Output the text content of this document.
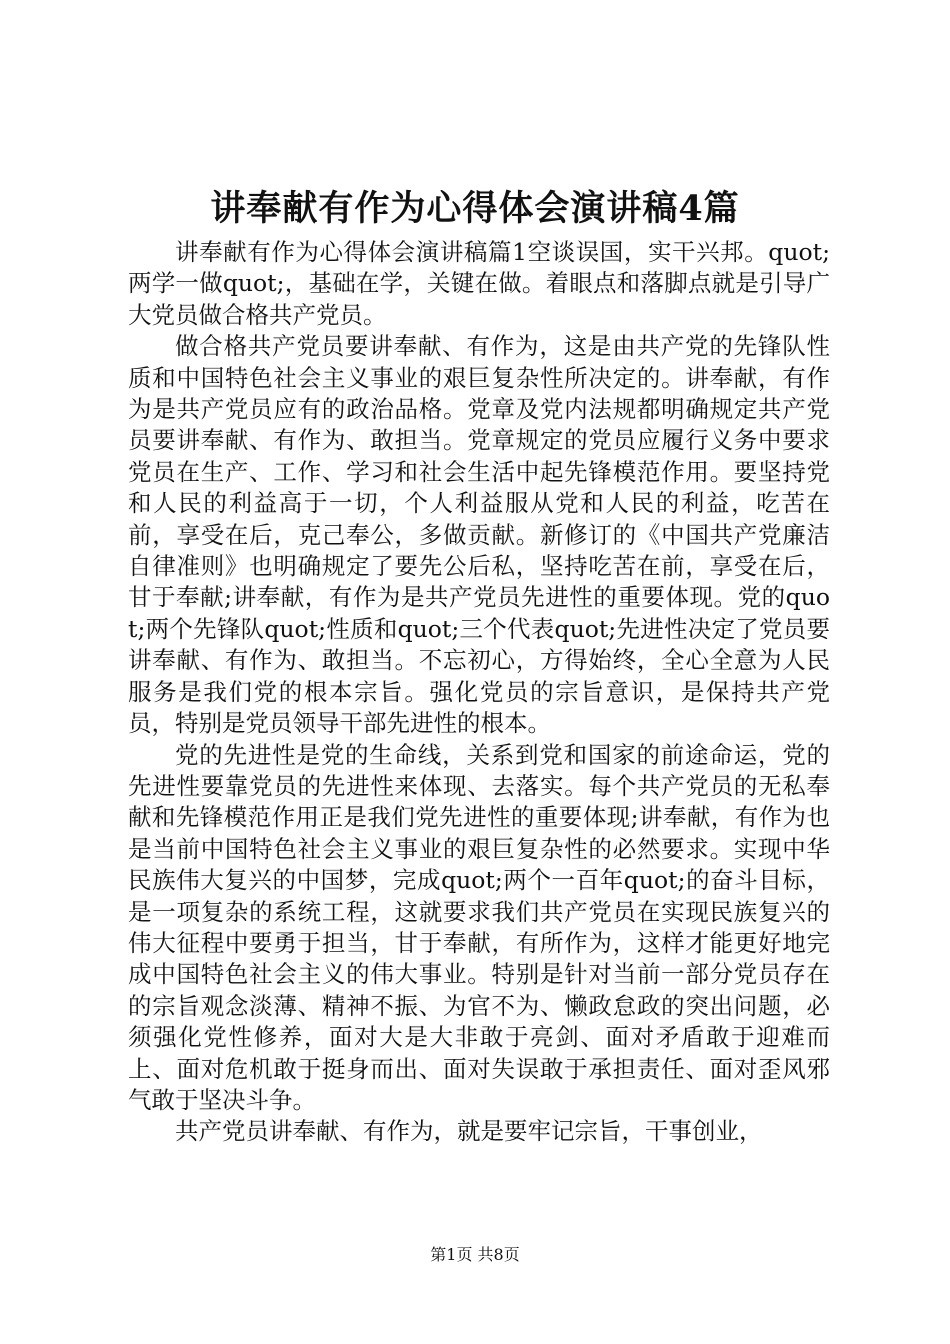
讲奉献有作为心得体会演讲稿4篇

讲奉献有作为心得体会演讲稿篇1空谈误国，实干兴邦。quot;两学一做quot;，基础在学，关键在做。着眼点和落脚点就是引导广大党员做合格共产党员。

做合格共产党员要讲奉献、有作为，这是由共产党的先锋队性质和中国特色社会主义事业的艰巨复杂性所决定的。讲奉献，有作为是共产党员应有的政治品格。党章及党内法规都明确规定共产党员要讲奉献、有作为、敢担当。党章规定的党员应履行义务中要求党员在生产、工作、学习和社会生活中起先锋模范作用。要坚持党和人民的利益高于一切，个人利益服从党和人民的利益，吃苦在前，享受在后，克己奉公，多做贡献。新修订的《中国共产党廉洁自律准则》也明确规定了要先公后私，坚持吃苦在前，享受在后，甘于奉献;讲奉献，有作为是共产党员先进性的重要体现。党的quot;两个先锋队quot;性质和quot;三个代表quot;先进性决定了党员要讲奉献、有作为、敢担当。不忘初心，方得始终，全心全意为人民服务是我们党的根本宗旨。强化党员的宗旨意识，是保持共产党员，特别是党员领导干部先进性的根本。

党的先进性是党的生命线，关系到党和国家的前途命运，党的先进性要靠党员的先进性来体现、去落实。每个共产党员的无私奉献和先锋模范作用正是我们党先进性的重要体现;讲奉献，有作为也是当前中国特色社会主义事业的艰巨复杂性的必然要求。实现中华民族伟大复兴的中国梦，完成quot;两个一百年quot;的奋斗目标，是一项复杂的系统工程，这就要求我们共产党员在实现民族复兴的伟大征程中要勇于担当，甘于奉献，有所作为，这样才能更好地完成中国特色社会主义的伟大事业。特别是针对当前一部分党员存在的宗旨观念淡薄、精神不振、为官不为、懒政怠政的突出问题，必须强化党性修养，面对大是大非敢于亮剑、面对矛盾敢于迎难而上、面对危机敢于挺身而出、面对失误敢于承担责任、面对歪风邪气敢于坚决斗争。

共产党员讲奉献、有作为，就是要牢记宗旨，干事创业，

第1页 共8页
